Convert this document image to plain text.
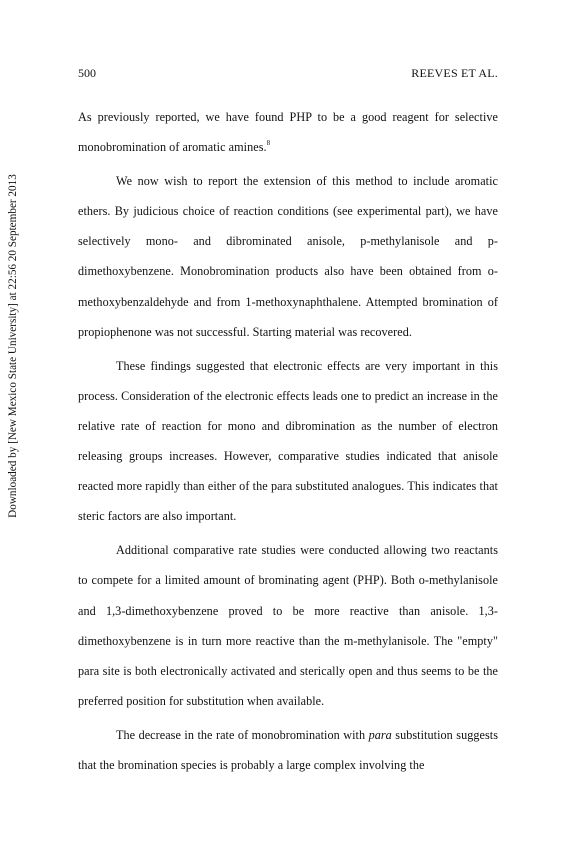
500	REEVES ET AL.
Downloaded by [New Mexico State University] at 22:56 20 September 2013

As previously reported, we have found PHP to be a good reagent for selective monobromination of aromatic amines.$^8$

We now wish to report the extension of this method to include aromatic ethers. By judicious choice of reaction conditions (see experimental part), we have selectively mono- and dibrominated anisole, p-methylanisole and p-dimethoxybenzene. Monobromination products also have been obtained from o-methoxybenzaldehyde and from 1-methoxynaphthalene. Attempted bromination of propiophenone was not successful. Starting material was recovered.

These findings suggested that electronic effects are very important in this process. Consideration of the electronic effects leads one to predict an increase in the relative rate of reaction for mono and dibromination as the number of electron releasing groups increases. However, comparative studies indicated that anisole reacted more rapidly than either of the para substituted analogues. This indicates that steric factors are also important.

Additional comparative rate studies were conducted allowing two reactants to compete for a limited amount of brominating agent (PHP). Both o-methylanisole and 1,3-dimethoxybenzene proved to be more reactive than anisole. 1,3-dimethoxybenzene is in turn more reactive than the m-methylanisole. The "empty" para site is both electronically activated and sterically open and thus seems to be the preferred position for substitution when available.

The decrease in the rate of monobromination with para substitution suggests that the bromination species is probably a large complex involving the
